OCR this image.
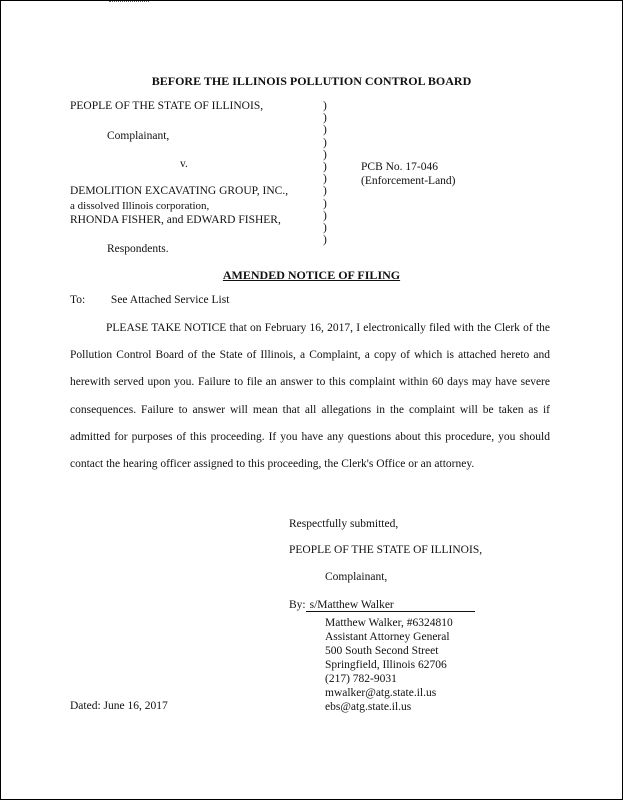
BEFORE THE ILLINOIS POLLUTION CONTROL BOARD
PEOPLE OF THE STATE OF ILLINOIS,
Complainant,
v.
DEMOLITION EXCAVATING GROUP, INC.,
a dissolved Illinois corporation,
RHONDA FISHER, and EDWARD FISHER,
Respondents.
)
)
)
)
)
)
)
)
)
)
)
)
PCB No. 17-046
(Enforcement-Land)
AMENDED NOTICE OF FILING
To: See Attached Service List
PLEASE TAKE NOTICE that on February 16, 2017, I electronically filed with the Clerk of the Pollution Control Board of the State of Illinois, a Complaint, a copy of which is attached hereto and herewith served upon you. Failure to file an answer to this complaint within 60 days may have severe consequences. Failure to answer will mean that all allegations in the complaint will be taken as if admitted for purposes of this proceeding. If you have any questions about this procedure, you should contact the hearing officer assigned to this proceeding, the Clerk's Office or an attorney.
Respectfully submitted,
PEOPLE OF THE STATE OF ILLINOIS,
Complainant,
By: s/Matthew Walker
Matthew Walker, #6324810
Assistant Attorney General
500 South Second Street
Springfield, Illinois 62706
(217) 782-9031
mwalker@atg.state.il.us
ebs@atg.state.il.us
Dated: June 16, 2017
